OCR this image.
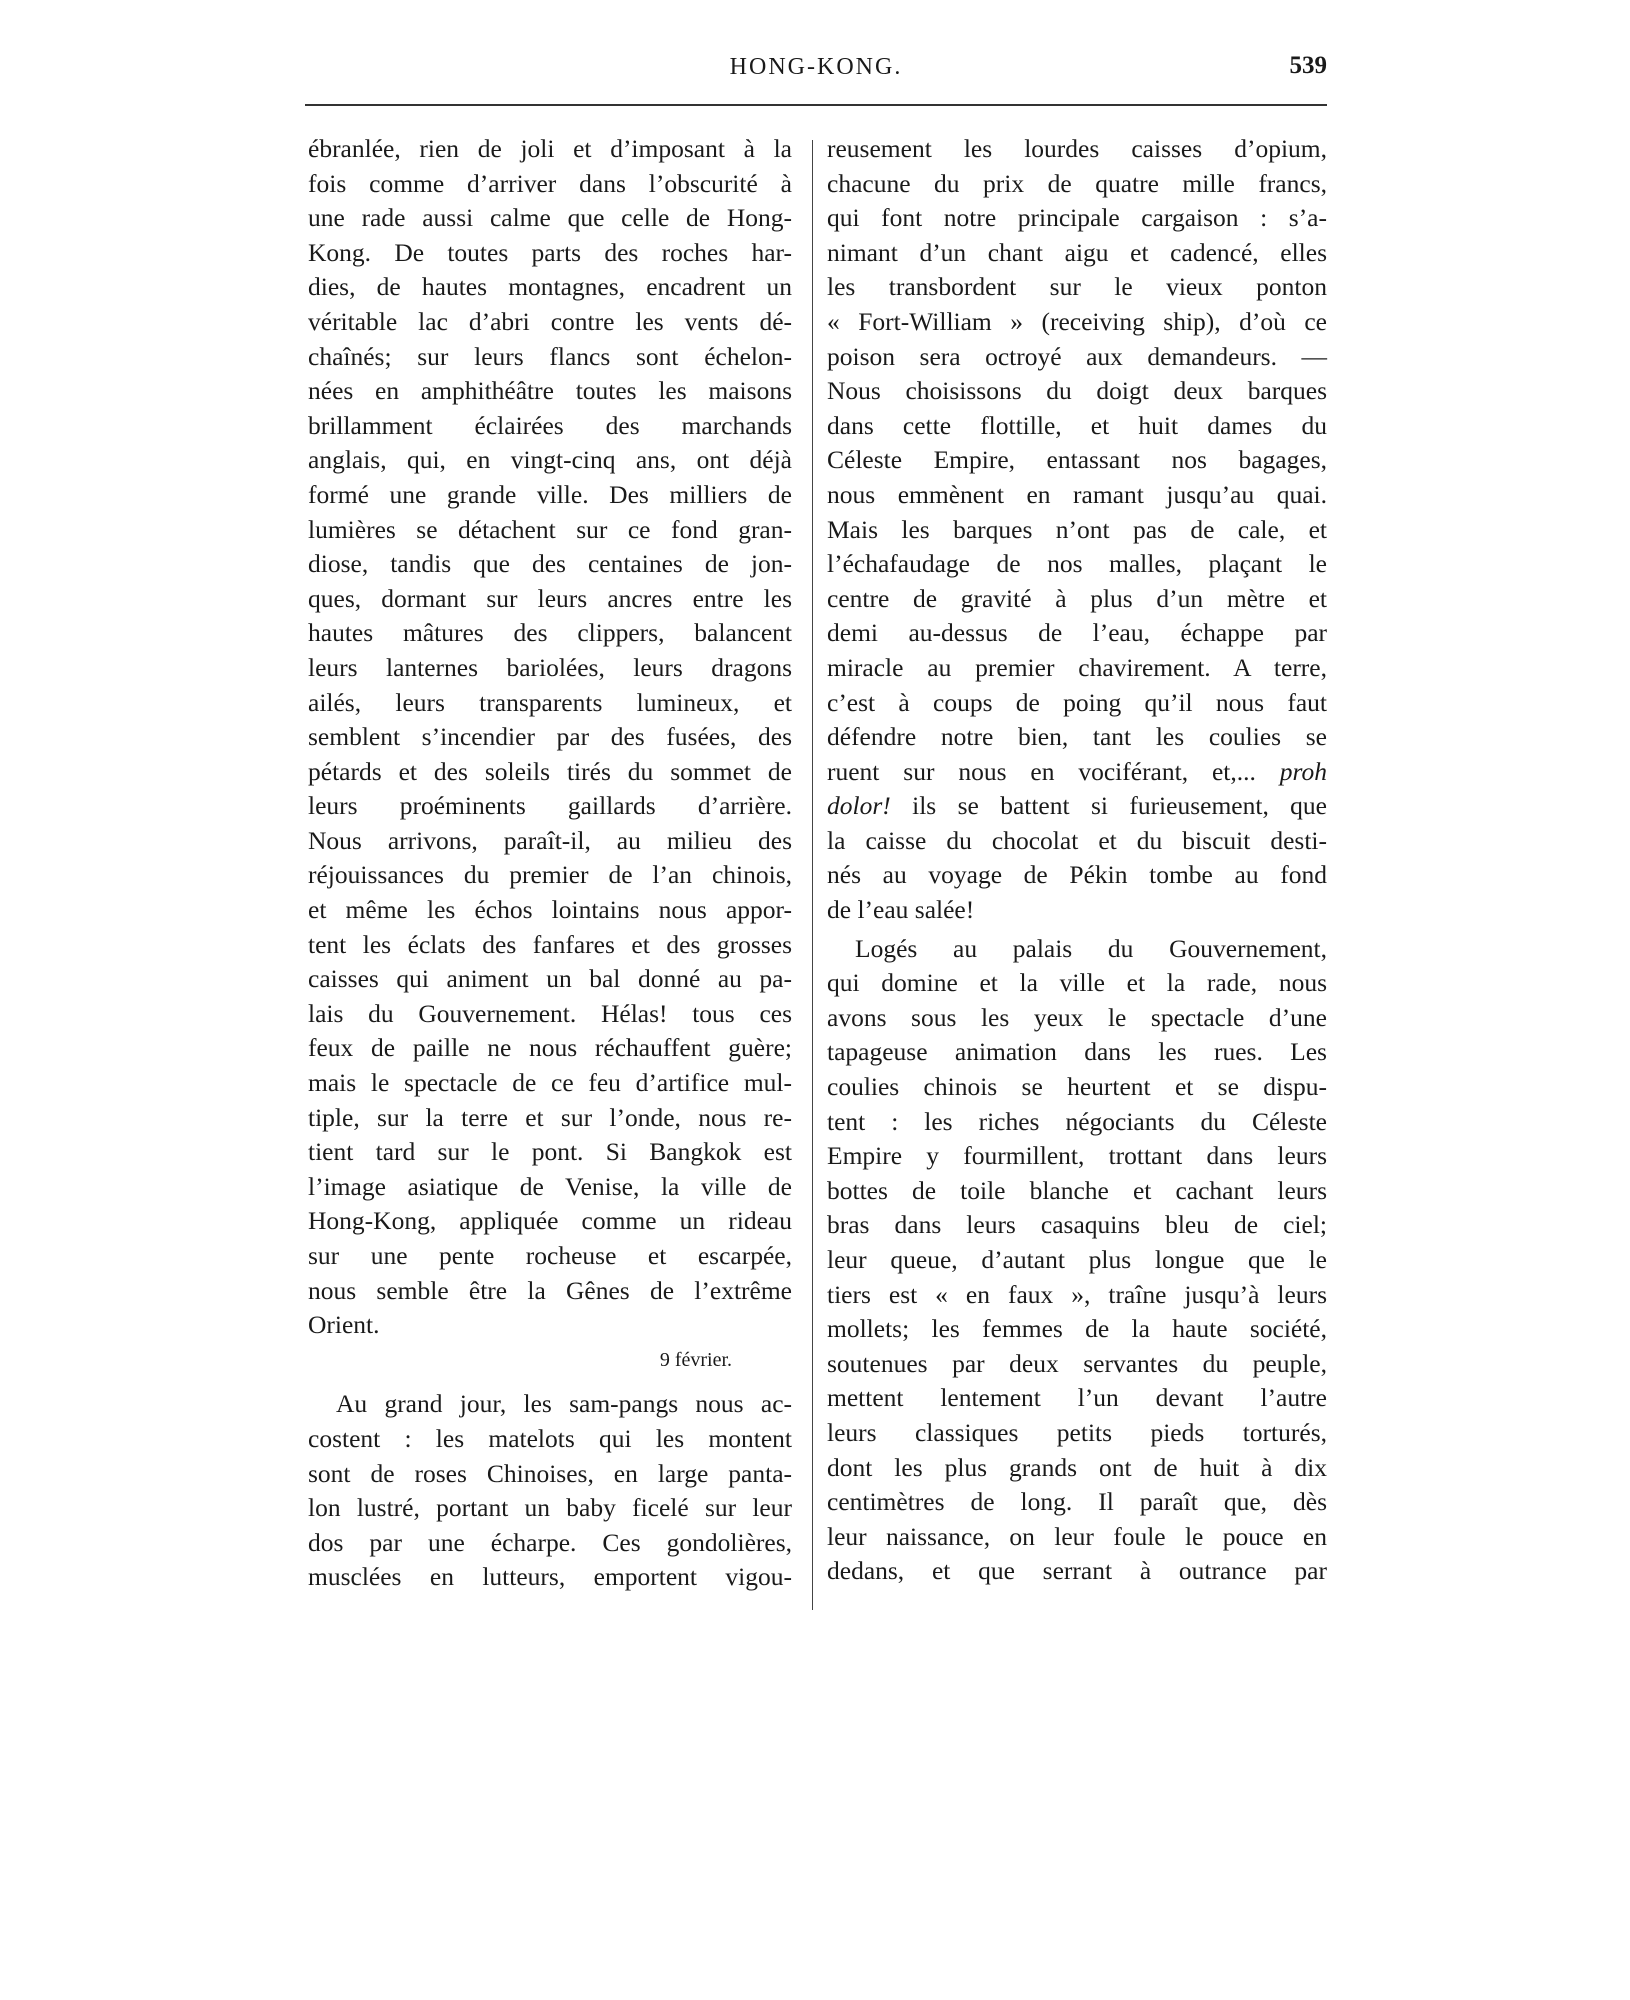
HONG-KONG.	539
ébranlée, rien de joli et d’imposant à la
fois comme d’arriver dans l’obscurité à
une rade aussi calme que celle de Hong-
Kong. De toutes parts des roches har-
dies, de hautes montagnes, encadrent un
véritable lac d’abri contre les vents dé-
chaînés; sur leurs flancs sont échelon-
nées en amphithéâtre toutes les maisons
brillamment éclairées des marchands
anglais, qui, en vingt-cinq ans, ont déjà
formé une grande ville. Des milliers de
lumières se détachent sur ce fond gran-
diose, tandis que des centaines de jon-
ques, dormant sur leurs ancres entre les
hautes mâtures des clippers, balancent
leurs lanternes bariolées, leurs dragons
ailés, leurs transparents lumineux, et
semblent s’incendier par des fusées, des
pétards et des soleils tirés du sommet de
leurs proéminents gaillards d’arrière.
Nous arrivons, paraît-il, au milieu des
réjouissances du premier de l’an chinois,
et même les échos lointains nous appor-
tent les éclats des fanfares et des grosses
caisses qui animent un bal donné au pa-
lais du Gouvernement. Hélas! tous ces
feux de paille ne nous réchauffent guère;
mais le spectacle de ce feu d’artifice mul-
tiple, sur la terre et sur l’onde, nous re-
tient tard sur le pont. Si Bangkok est
l’image asiatique de Venise, la ville de
Hong-Kong, appliquée comme un rideau
sur une pente rocheuse et escarpée,
nous semble être la Gênes de l’extrême
Orient.
9 février.
Au grand jour, les sam-pangs nous ac-
costent : les matelots qui les montent
sont de roses Chinoises, en large panta-
lon lustré, portant un baby ficelé sur leur
dos par une écharpe. Ces gondolières,
musclées en lutteurs, emportent vigou-
reusement les lourdes caisses d’opium,
chacune du prix de quatre mille francs,
qui font notre principale cargaison : s’a-
nimant d’un chant aigu et cadencé, elles
les transbordent sur le vieux ponton
« Fort-William » (receiving ship), d’où ce
poison sera octroyé aux demandeurs. —
Nous choisissons du doigt deux barques
dans cette flottille, et huit dames du
Céleste Empire, entassant nos bagages,
nous emmènent en ramant jusqu’au quai.
Mais les barques n’ont pas de cale, et
l’échafaudage de nos malles, plaçant le
centre de gravité à plus d’un mètre et
demi au-dessus de l’eau, échappe par
miracle au premier chavirement. A terre,
c’est à coups de poing qu’il nous faut
défendre notre bien, tant les coulies se
ruent sur nous en vociférant, et,... proh
dolor! ils se battent si furieusement, que
la caisse du chocolat et du biscuit desti-
nés au voyage de Pékin tombe au fond
de l’eau salée!
Logés au palais du Gouvernement,
qui domine et la ville et la rade, nous
avons sous les yeux le spectacle d’une
tapageuse animation dans les rues. Les
coulies chinois se heurtent et se dispu-
tent : les riches négociants du Céleste
Empire y fourmillent, trottant dans leurs
bottes de toile blanche et cachant leurs
bras dans leurs casaquins bleu de ciel;
leur queue, d’autant plus longue que le
tiers est « en faux », traîne jusqu’à leurs
mollets; les femmes de la haute société,
soutenues par deux servantes du peuple,
mettent lentement l’un devant l’autre
leurs classiques petits pieds torturés,
dont les plus grands ont de huit à dix
centimètres de long. Il paraît que, dès
leur naissance, on leur foule le pouce en
dedans, et que serrant à outrance par
